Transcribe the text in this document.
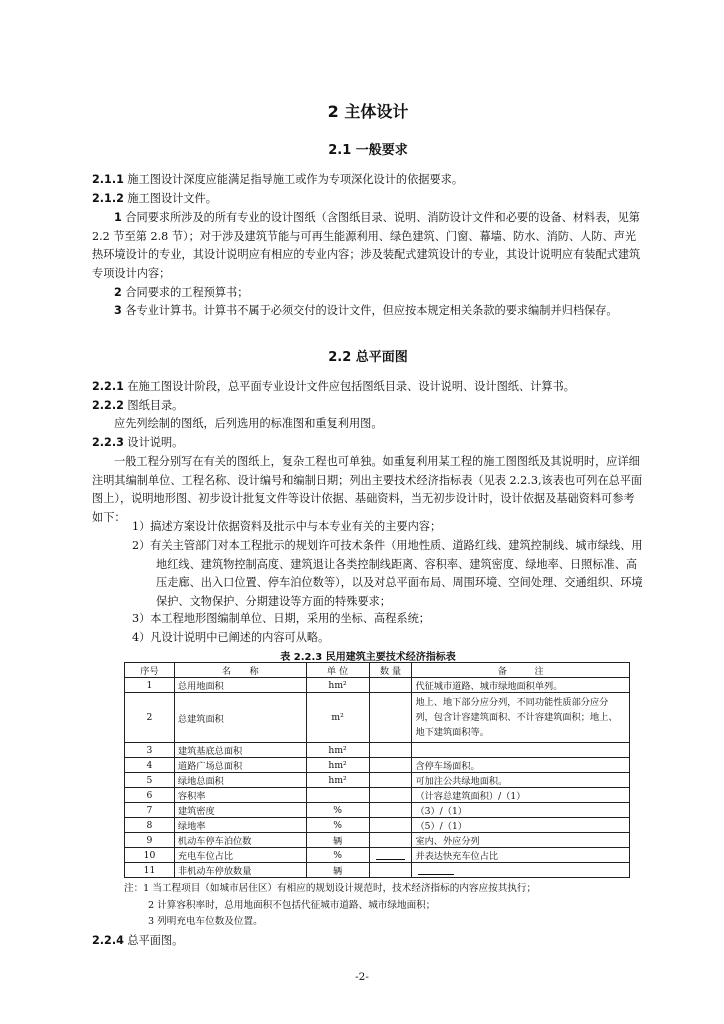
2 主体设计
2.1 一般要求
2.1.1 施工图设计深度应能满足指导施工或作为专项深化设计的依据要求。
2.1.2 施工图设计文件。
1 合同要求所涉及的所有专业的设计图纸（含图纸目录、说明、消防设计文件和必要的设备、材料表，见第 2.2 节至第 2.8 节）；对于涉及建筑节能与可再生能源利用、绿色建筑、门窗、幕墙、防水、消防、人防、声光热环境设计的专业，其设计说明应有相应的专业内容；涉及装配式建筑设计的专业，其设计说明应有装配式建筑专项设计内容；
2 合同要求的工程预算书；
3 各专业计算书。计算书不属于必须交付的设计文件，但应按本规定相关条款的要求编制并归档保存。
2.2 总平面图
2.2.1 在施工图设计阶段，总平面专业设计文件应包括图纸目录、设计说明、设计图纸、计算书。
2.2.2 图纸目录。
应先列绘制的图纸，后列选用的标准图和重复利用图。
2.2.3 设计说明。
一般工程分别写在有关的图纸上，复杂工程也可单独。如重复利用某工程的施工图图纸及其说明时，应详细注明其编制单位、工程名称、设计编号和编制日期；列出主要技术经济指标表（见表 2.2.3,该表也可列在总平面图上），说明地形图、初步设计批复文件等设计依据、基础资料，当无初步设计时，设计依据及基础资料可参考如下：
1）搞述方案设计依据资料及批示中与本专业有关的主要内容；
2）有关主管部门对本工程批示的规划许可技术条件（用地性质、道路红线、建筑控制线、城市绿线、用地红线、建筑物控制高度、建筑退让各类控制线距离、容积率、建筑密度、绿地率、日照标准、高压走廊、出入口位置、停车泊位数等），以及对总平面布局、周围环境、空间处理、交通组织、环境保护、文物保护、分期建设等方面的特殊要求；
3）本工程地形图编制单位、日期，采用的坐标、高程系统；
4）凡设计说明中已阐述的内容可从略。
表 2.2.3 民用建筑主要技术经济指标表
序号	名　　称	单 位	数 量	备　　　注
1	总用地面积	hm²		代征城市道路、城市绿地面积单列。
2	总建筑面积	m²		地上、地下部分应分列，不同功能性质部分应分列，包含计容建筑面积、不计容建筑面积；地上、地下建筑面积等。
3	建筑基底总面积	hm²		
4	道路广场总面积	hm²		含停车场面积。
5	绿地总面积	hm²		可加注公共绿地面积。
6	容积率			（计容总建筑面积）/（1）
7	建筑密度	%		（3）/（1）
8	绿地率	%		（5）/（1）
9	机动车停车泊位数	辆		室内、外应分列
10	充电车位占比	%		并表达快充车位占比
11	非机动车停放数量	辆		
注：1 当工程项目（如城市居住区）有相应的规划设计规范时，技术经济指标的内容应按其执行；
2 计算容积率时，总用地面积不包括代征城市道路、城市绿地面积；
3 列明充电车位数及位置。
2.2.4 总平面图。
-2-
